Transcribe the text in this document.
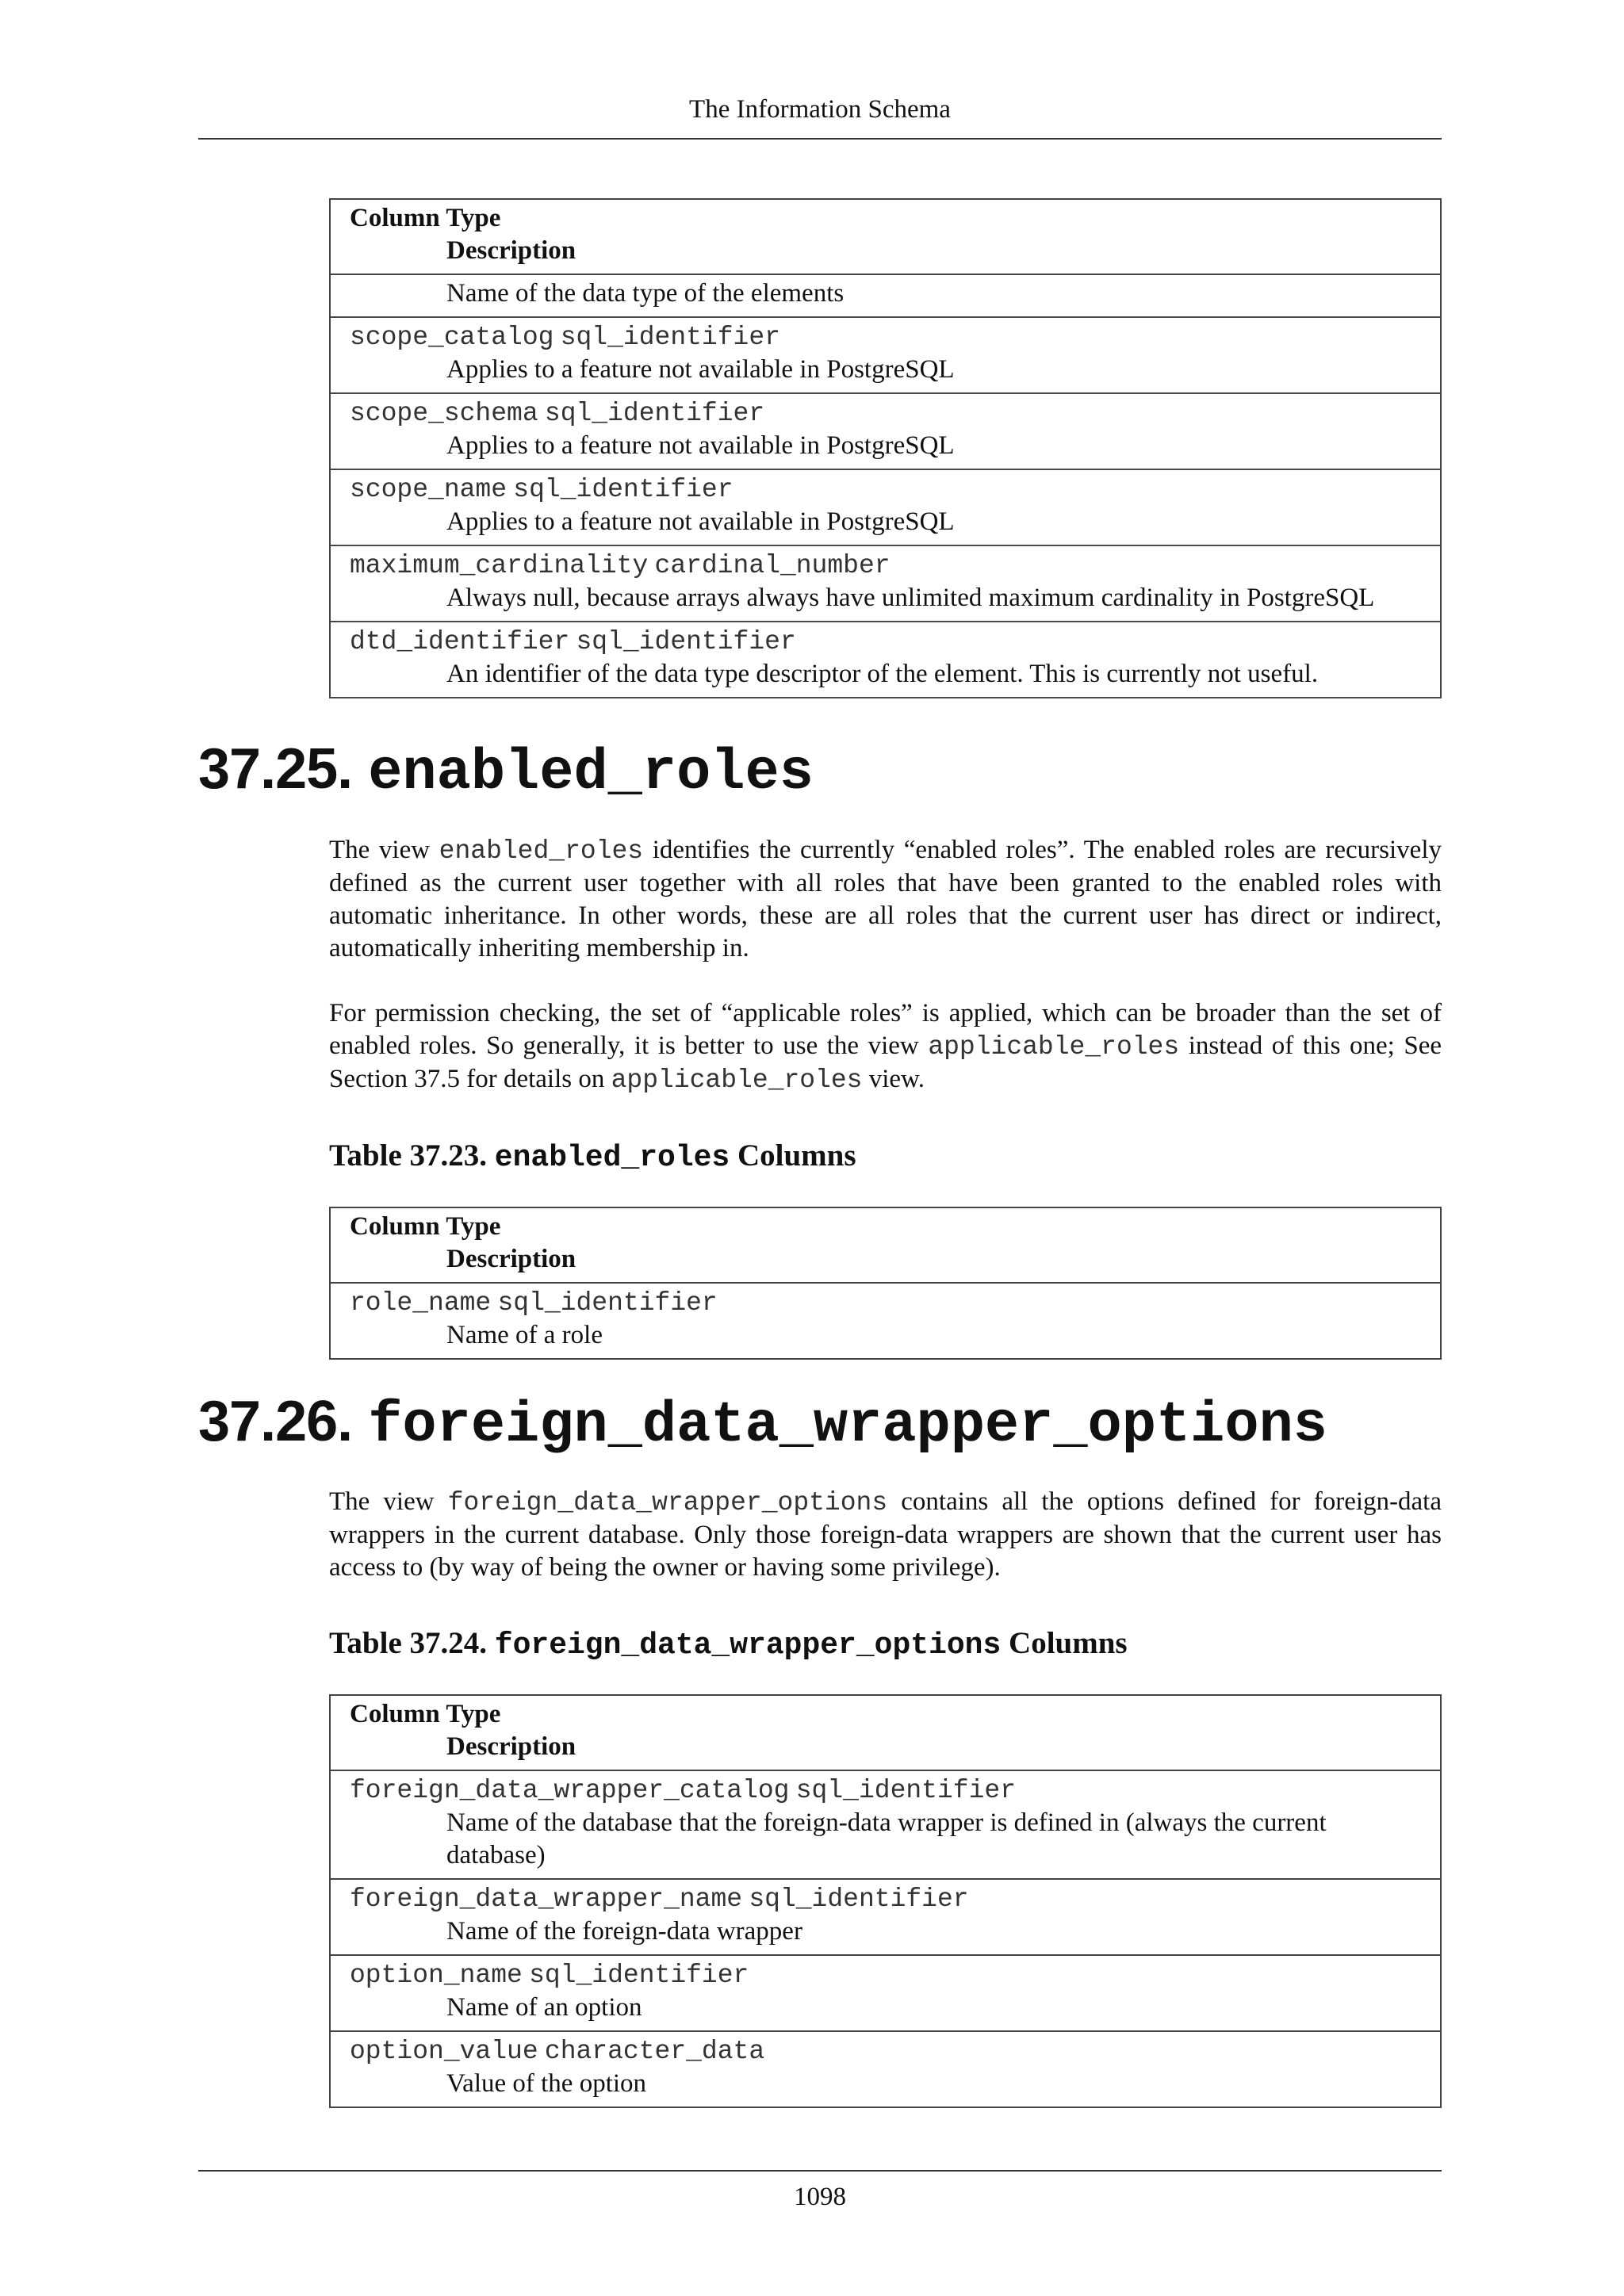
The Information Schema
Column Type
Description

Name of the data type of the elements

scope_catalog sql_identifier
Applies to a feature not available in PostgreSQL

scope_schema sql_identifier
Applies to a feature not available in PostgreSQL

scope_name sql_identifier
Applies to a feature not available in PostgreSQL

maximum_cardinality cardinal_number
Always null, because arrays always have unlimited maximum cardinality in PostgreSQL

dtd_identifier sql_identifier
An identifier of the data type descriptor of the element. This is currently not useful.
37.25. enabled_roles

The view enabled_roles identifies the currently “enabled roles”. The enabled roles are recursively defined as the current user together with all roles that have been granted to the enabled roles with automatic inheritance. In other words, these are all roles that the current user has direct or indirect, automatically inheriting membership in.

For permission checking, the set of “applicable roles” is applied, which can be broader than the set of enabled roles. So generally, it is better to use the view applicable_roles instead of this one; See Section 37.5 for details on applicable_roles view.

Table 37.23. enabled_roles Columns
Column Type
Description

role_name sql_identifier
Name of a role
37.26. foreign_data_wrapper_options

The view foreign_data_wrapper_options contains all the options defined for foreign-data wrappers in the current database. Only those foreign-data wrappers are shown that the current user has access to (by way of being the owner or having some privilege).

Table 37.24. foreign_data_wrapper_options Columns
Column Type
Description

foreign_data_wrapper_catalog sql_identifier
Name of the database that the foreign-data wrapper is defined in (always the current database)

foreign_data_wrapper_name sql_identifier
Name of the foreign-data wrapper

option_name sql_identifier
Name of an option

option_value character_data
Value of the option
1098
